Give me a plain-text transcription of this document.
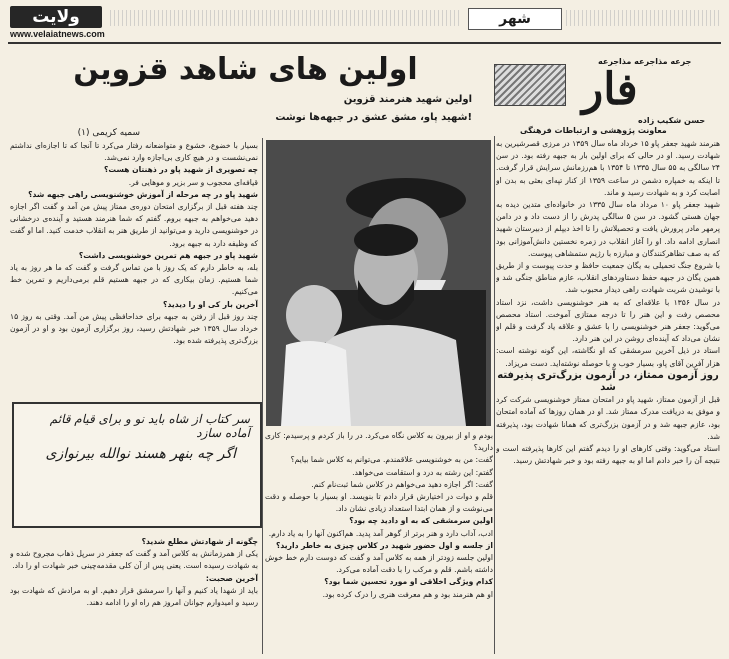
ولایت
www.velaiatnews.com
شهر
جرعه مذاجرعه مذاجرعه
فار
حسن شکیب زاده
معاونت پژوهشی و ارتباطات فرهنگی
اولین های شاهد قزوین
اولین شهید هنرمند قزوین
شهید پاو، مشق عشق در جبهه‌ها نوشت!
سمیه کریمی (۱)

هنرمند شهید جعفر پاو ۱۵ خرداد ماه سال ۱۳۵۹ در مرزی قصرشیرین به شهادت رسید. او در حالی که برای اولین بار به جبهه رفته بود. در سن ۲۴ سالگی به ۵۵ سال ۱۳۳۵ تا ۱۳۵۴ با هم‌رزمانش سرایش قرار گرفت. تا اینکه به خمپاره دشمن در ساعت ۱۳۵۹ از کنار تپه‌ای بعثی به بدن او اصابت کرد و به شهادت رسید و ماند.

شهید جعفر پاو ۱۰ مرداد ماه سال ۱۳۳۵ در خانواده‌ای متدین دیده به جهان هستی گشود. در سن ۵ سالگی پدرش را از دست داد و در دامن پرمهر مادر پرورش یافت و تحصیلاتش را تا اخذ دیپلم از دبیرستان شهید انصاری ادامه داد. او را آغاز انقلاب در زمره نخستین دانش‌آموزانی بود که به صف تظاهرکنندگان و مبارزه با رژیم ستمشاهی پیوست.

با شروع جنگ تحمیلی به یگان جمعیت حافظ و حدت پیوست و از طریق همین یگان در جبهه حفظ دستاوردهای انقلاب، عازم مناطق جنگی شد و با نوشیدن شربت شهادت راهی دیدار محبوب شد.

در سال ۱۳۵۶ با علاقه‌ای که به هنر خوشنویسی داشت، نزد استاد محصص رفت و این هنر را تا درجه ممتازی آموخت. استاد محصص می‌گوید: جعفر هنر خوشنویسی را با عشق و علاقه یاد گرفت و قلم او نشان می‌داد که آینده‌ای روشن در این هنر دارد.

استاد در ذیل آخرین سرمشقی که او نگاشته، این گونه نوشته است: هزار آفرین آقای پاو، بسیار خوب و با حوصله نوشته‌اید. دست مریزاد.

روز آزمون ممتاز، در آزمون بزرگ‌تری پذیرفته شد

قبل از آزمون ممتاز، شهید پاو در امتحان ممتاز خوشنویسی شرکت کرد و موفق به دریافت مدرک ممتاز شد. او در همان روزها که آماده امتحان بود، عازم جبهه شد و در آزمون بزرگ‌تری که همانا شهادت بود، پذیرفته شد.

استاد می‌گوید: وقتی کارهای او را دیدم گفتم این کارها پذیرفته است و نتیجه آن را خبر دادم اما او به جبهه رفته بود و خبر شهادتش رسید.

بسیار با خضوع، خشوع و متواضعانه رفتار می‌کرد تا آنجا که تا اجازه‌ای نداشتم نمی‌نشست و در هیچ کاری بی‌اجازه وارد نمی‌شد.

چه تصویری از شهید پاو در ذهنتان هست؟

قیافه‌ای محجوب و سر بزیر و موهایی فر.

شهید پاو در چه مرحله از آموزش خوشنویسی راهی جبهه شد؟

چند هفته قبل از برگزاری امتحان دوره‌ی ممتاز پیش من آمد و گفت اگر اجازه دهید می‌خواهم به جبهه بروم. گفتم که شما هنرمند هستید و آینده‌ی درخشانی در خوشنویسی دارید و می‌توانید از طریق هنر به انقلاب خدمت کنید. اما او گفت که وظیفه دارد به جبهه برود.

شهید پاو در جبهه هم تمرین خوشنویسی داشت؟

بله، به خاطر دارم که یک روز با من تماس گرفت و گفت که ما هر روز به یاد شما هستیم. زمان بیکاری که در جبهه هستیم قلم برمی‌داریم و تمرین خط می‌کنیم.

آخرین بار کی او را دیدید؟

چند روز قبل از رفتن به جبهه برای خداحافظی پیش من آمد. وقتی به روز ۱۵ خرداد سال ۱۳۵۹ خبر شهادتش رسید، روز برگزاری آزمون بود و او در آزمون بزرگ‌تری پذیرفته شده بود.

سر کتاب از شاه باید نو و برای قیام قائم آماده سازد
اگر چه بنهر هسند نوالله بیرنوازی

چگونه از شهادتش مطلع شدید؟

یکی از همرزمانش به کلاس آمد و گفت که جعفر در سرپل ذهاب مجروح شده و به شهادت رسیده است. یعنی پس از آن کلی مقدمه‌چینی خبر شهادت او را داد.

آخرین صحبت:

باید از شهدا یاد کنیم و آنها را سرمشق قرار دهیم. او به مرادش که شهادت بود رسید و امیدوارم جوانان امروز هم راه او را ادامه دهند.

بودم و او از بیرون به کلاس نگاه می‌کرد. در را باز کردم و پرسیدم: کاری دارید؟

گفت: من به خوشنویسی علاقمندم. می‌توانم به کلاس شما بیایم؟

گفتم: این رشته به درد و استقامت می‌خواهد.

گفت: اگر اجازه دهید می‌خواهم در کلاس شما ثبت‌نام کنم.

قلم و دوات در اختیارش قرار دادم تا بنویسد. او بسیار با حوصله و دقت می‌نوشت و از همان ابتدا استعداد زیادی نشان داد.

اولین سرمشقی که به او دادید چه بود؟

ادب، آداب دارد و هنر برتر از گوهر آمد پدید. هم‌اکنون آنها را به یاد دارم.

از جلسه و اول حضور شهید در کلاس چیزی به خاطر دارید؟

اولین جلسه زودتر از همه به کلاس آمد و گفت که دوست دارم خط خوش داشته باشم. قلم و مرکب را با دقت آماده می‌کرد.

کدام ویژگی اخلاقی او مورد تحسین شما بود؟

او هم هنرمند بود و هم معرفت هنری را درک کرده بود.
